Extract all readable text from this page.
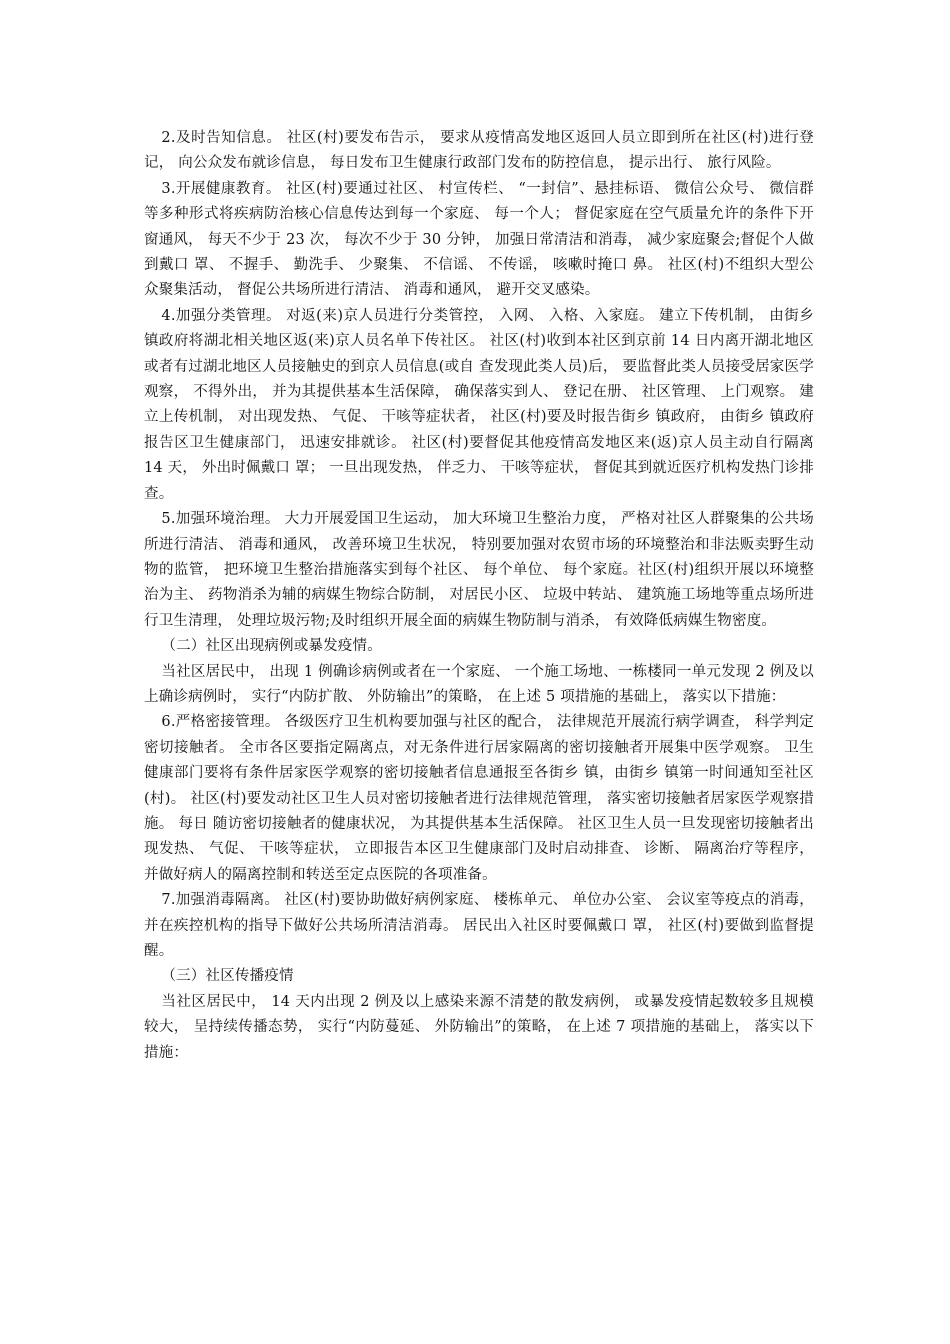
2.及时告知信息。 社区(村)要发布告示， 要求从疫情高发地区返回人员立即到所在社区(村)进行登记， 向公众发布就诊信息， 每日发布卫生健康行政部门发布的防控信息， 提示出行、 旅行风险。

3.开展健康教育。 社区(村)要通过社区、 村宣传栏、 “一封信”、悬挂标语、 微信公众号、 微信群等多种形式将疾病防治核心信息传达到每一个家庭、 每一个人； 督促家庭在空气质量允许的条件下开窗通风， 每天不少于 23 次， 每次不少于 30 分钟， 加强日常清洁和消毒， 减少家庭聚会;督促个人做到戴口 罩、 不握手、 勤洗手、 少聚集、 不信谣、 不传谣， 咳嗽时掩口 鼻。 社区(村)不组织大型公众聚集活动， 督促公共场所进行清洁、 消毒和通风， 避开交叉感染。

4.加强分类管理。 对返(来)京人员进行分类管控， 入网、 入格、入家庭。 建立下传机制， 由街乡 镇政府将湖北相关地区返(来)京人员名单下传社区。 社区(村)收到本社区到京前 14 日内离开湖北地区或者有过湖北地区人员接触史的到京人员信息(或自 查发现此类人员)后， 要监督此类人员接受居家医学观察， 不得外出， 并为其提供基本生活保障， 确保落实到人、 登记在册、 社区管理、 上门观察。 建立上传机制， 对出现发热、 气促、 干咳等症状者， 社区(村)要及时报告街乡 镇政府， 由街乡 镇政府报告区卫生健康部门， 迅速安排就诊。 社区(村)要督促其他疫情高发地区来(返)京人员主动自行隔离 14 天， 外出时佩戴口 罩； 一旦出现发热， 伴乏力、 干咳等症状， 督促其到就近医疗机构发热门诊排查。

5.加强环境治理。 大力开展爱国卫生运动， 加大环境卫生整治力度， 严格对社区人群聚集的公共场所进行清洁、 消毒和通风， 改善环境卫生状况， 特别要加强对农贸市场的环境整治和非法贩卖野生动物的监管， 把环境卫生整治措施落实到每个社区、 每个单位、 每个家庭。社区(村)组织开展以环境整治为主、 药物消杀为辅的病媒生物综合防制， 对居民小区、 垃圾中转站、 建筑施工场地等重点场所进行卫生清理， 处理垃圾污物;及时组织开展全面的病媒生物防制与消杀， 有效降低病媒生物密度。

（二）社区出现病例或暴发疫情。

当社区居民中， 出现 1 例确诊病例或者在一个家庭、 一个施工场地、一栋楼同一单元发现 2 例及以上确诊病例时， 实行“内防扩散、 外防输出”的策略， 在上述 5 项措施的基础上， 落实以下措施：

6.严格密接管理。 各级医疗卫生机构要加强与社区的配合， 法律规范开展流行病学调查， 科学判定密切接触者。 全市各区要指定隔离点，对无条件进行居家隔离的密切接触者开展集中医学观察。 卫生健康部门要将有条件居家医学观察的密切接触者信息通报至各街乡 镇，由街乡 镇第一时间通知至社区(村)。 社区(村)要发动社区卫生人员对密切接触者进行法律规范管理， 落实密切接触者居家医学观察措施。 每日 随访密切接触者的健康状况， 为其提供基本生活保障。 社区卫生人员一旦发现密切接触者出现发热、 气促、 干咳等症状， 立即报告本区卫生健康部门及时启动排查、 诊断、 隔离治疗等程序， 并做好病人的隔离控制和转送至定点医院的各项准备。

7.加强消毒隔离。 社区(村)要协助做好病例家庭、 楼栋单元、 单位办公室、 会议室等疫点的消毒， 并在疾控机构的指导下做好公共场所清洁消毒。 居民出入社区时要佩戴口 罩， 社区(村)要做到监督提醒。

（三）社区传播疫情

当社区居民中， 14 天内出现 2 例及以上感染来源不清楚的散发病例， 或暴发疫情起数较多且规模较大， 呈持续传播态势， 实行“内防蔓延、 外防输出”的策略， 在上述 7 项措施的基础上， 落实以下措施：
